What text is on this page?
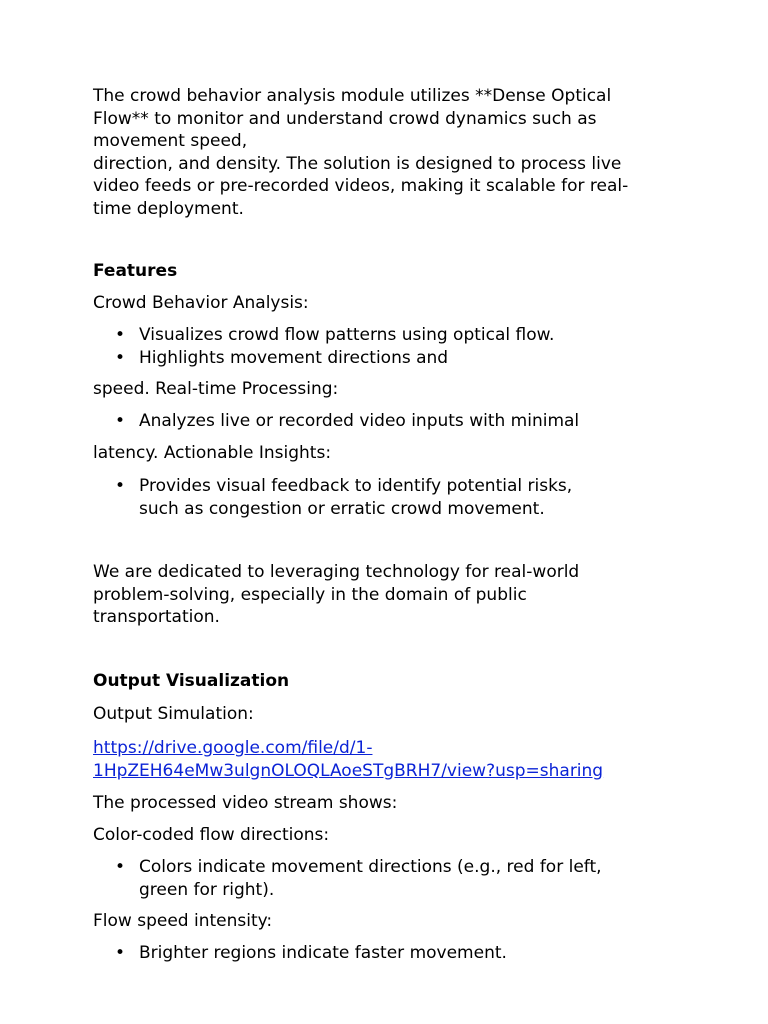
The crowd behavior analysis module utilizes **Dense Optical
Flow** to monitor and understand crowd dynamics such as
movement speed,
direction, and density. The solution is designed to process live
video feeds or pre-recorded videos, making it scalable for real-
time deployment.

Features
Crowd Behavior Analysis:
• Visualizes crowd flow patterns using optical flow.
• Highlights movement directions and
speed. Real-time Processing:
• Analyzes live or recorded video inputs with minimal
latency. Actionable Insights:
• Provides visual feedback to identify potential risks,
such as congestion or erratic crowd movement.

We are dedicated to leveraging technology for real-world
problem-solving, especially in the domain of public
transportation.

Output Visualization
Output Simulation:
https://drive.google.com/file/d/1-
1HpZEH64eMw3ulgnOLOQLAoeSTgBRH7/view?usp=sharing
The processed video stream shows:
Color-coded flow directions:
• Colors indicate movement directions (e.g., red for left,
green for right).
Flow speed intensity:
• Brighter regions indicate faster movement.
